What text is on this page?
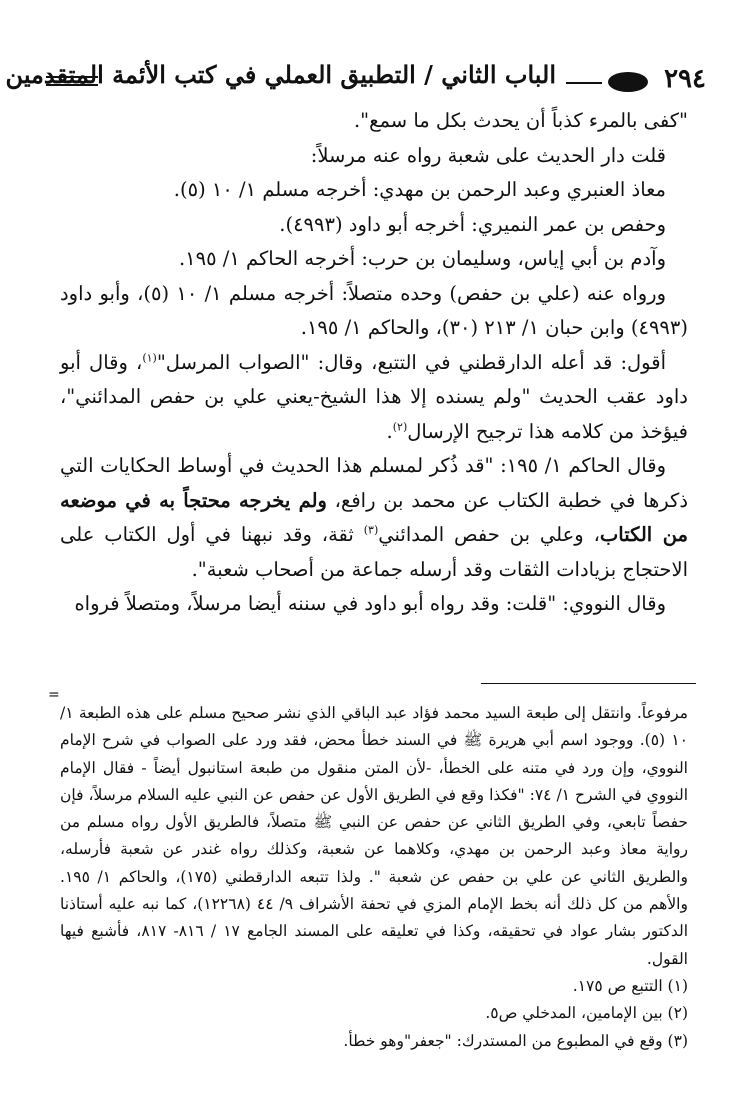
٢٩٤
الباب الثاني / التطبيق العملي في كتب الأئمة المتقدمين

"كفى بالمرء كذباً أن يحدث بكل ما سمع".

قلت دار الحديث على شعبة رواه عنه مرسلاً:

معاذ العنبري وعبد الرحمن بن مهدي: أخرجه مسلم ١/ ١٠ (٥).

وحفص بن عمر النميري: أخرجه أبو داود (٤٩٩٣).

وآدم بن أبي إياس، وسليمان بن حرب: أخرجه الحاكم ١/ ١٩٥.

ورواه عنه (علي بن حفص) وحده متصلاً: أخرجه مسلم ١/ ١٠ (٥)، وأبو داود (٤٩٩٣) وابن حبان ١/ ٢١٣ (٣٠)، والحاكم ١/ ١٩٥.

أقول: قد أعله الدارقطني في التتبع، وقال: "الصواب المرسل"$^{(١)}$، وقال أبو داود عقب الحديث "ولم يسنده إلا هذا الشيخ-يعني علي بن حفص المدائني"، فيؤخذ من كلامه هذا ترجيح الإرسال$^{(٢)}$.

وقال الحاكم ١/ ١٩٥: "قد ذُكر لمسلم هذا الحديث في أوساط الحكايات التي ذكرها في خطبة الكتاب عن محمد بن رافع، ولم يخرجه محتجاً به في موضعه من الكتاب، وعلي بن حفص المدائني$^{(٣)}$ ثقة، وقد نبهنا في أول الكتاب على الاحتجاج بزيادات الثقات وقد أرسله جماعة من أصحاب شعبة".

وقال النووي: "قلت: وقد رواه أبو داود في سننه أيضا مرسلاً، ومتصلاً فرواه

=

مرفوعاً. وانتقل إلى طبعة السيد محمد فؤاد عبد الباقي الذي نشر صحيح مسلم على هذه الطبعة ١/ ١٠ (٥). ووجود اسم أبي هريرة ﷺ في السند خطأ محض، فقد ورد على الصواب في شرح الإمام النووي، وإن ورد في متنه على الخطأ، -لأن المتن منقول من طبعة استانبول أيضاً - فقال الإمام النووي في الشرح ١/ ٧٤: "فكذا وقع في الطريق الأول عن حفص عن النبي عليه السلام مرسلاً، فإن حفصاً تابعي، وفي الطريق الثاني عن حفص عن النبي ﷺ متصلاً، فالطريق الأول رواه مسلم من رواية معاذ وعبد الرحمن بن مهدي، وكلاهما عن شعبة، وكذلك رواه غندر عن شعبة فأرسله، والطريق الثاني عن علي بن حفص عن شعبة ". ولذا تتبعه الدارقطني (١٧٥)، والحاكم ١/ ١٩٥. والأهم من كل ذلك أنه بخط الإمام المزي في تحفة الأشراف ٩/ ٤٤ (١٢٢٦٨)، كما نبه عليه أستاذنا الدكتور بشار عواد في تحقيقه، وكذا في تعليقه على المسند الجامع ١٧ / ٨١٦- ٨١٧، فأشبع فيها القول.

(١) التتبع ص ١٧٥.

(٢) بين الإمامين، المدخلي ص٥.

(٣) وقع في المطبوع من المستدرك: "جعفر"وهو خطأ.
